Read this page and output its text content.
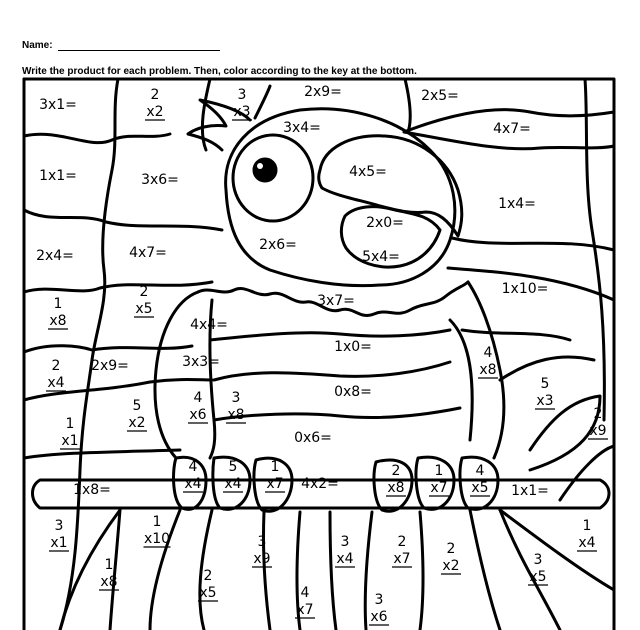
Name:
Write the product for each problem. Then, color according to the key at the bottom.
3x1=
2
x2
3
x3
2x9=	2x5=
3x4=	4x7=
1x1=	3x6=	4x5=
1x4=
2x0=
2x6=
2x4=	4x7=	5x4=
1x10=
3x7=
1
x8
2
x5
4x4=
1x0=
2
x4
2x9=	3x3=
4
x8
5
x3
5
x2
4
x6
3
x8
0x8=
2
x9
1
x1	0x6=
4
x4
5
x4
1
x7 4x2=
2
x8
1
x7
4
x5 1x1=
1x8=
3
x1
1
x10
1
x4
3
x9
3
x4
2
x7
2
x2	3
x5
1
x8	2
x5	4
x7
3
x6
